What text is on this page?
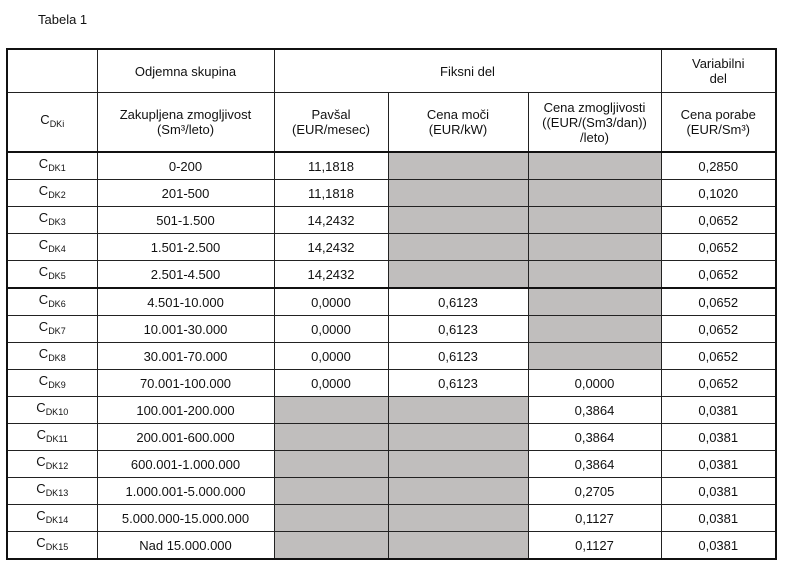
Tabela 1
	Odjemna skupina	Fiksni del			Variabilni del
$C_{DKi}$	Zakupljena zmogljivost (Sm³/leto)	Pavšal (EUR/mesec)	Cena moči (EUR/kW)	Cena zmogljivosti ((EUR/(Sm3/dan)) /leto)	Cena porabe (EUR/Sm³)
$C_{DK1}$	0-200	11,1818			0,2850
$C_{DK2}$	201-500	11,1818			0,1020
$C_{DK3}$	501-1.500	14,2432			0,0652
$C_{DK4}$	1.501-2.500	14,2432			0,0652
$C_{DK5}$	2.501-4.500	14,2432			0,0652
$C_{DK6}$	4.501-10.000	0,0000	0,6123		0,0652
$C_{DK7}$	10.001-30.000	0,0000	0,6123		0,0652
$C_{DK8}$	30.001-70.000	0,0000	0,6123		0,0652
$C_{DK9}$	70.001-100.000	0,0000	0,6123	0,0000	0,0652
$C_{DK10}$	100.001-200.000			0,3864	0,0381
$C_{DK11}$	200.001-600.000			0,3864	0,0381
$C_{DK12}$	600.001-1.000.000			0,3864	0,0381
$C_{DK13}$	1.000.001-5.000.000			0,2705	0,0381
$C_{DK14}$	5.000.000-15.000.000			0,1127	0,0381
$C_{DK15}$	Nad 15.000.000			0,1127	0,0381
